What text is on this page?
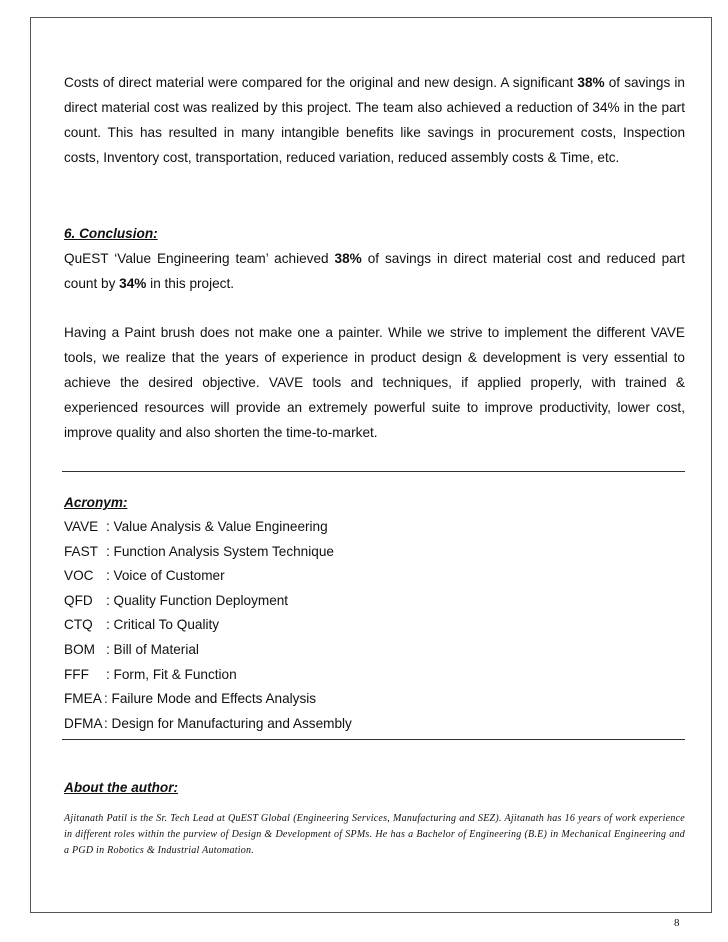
Costs of direct material were compared for the original and new design. A significant 38% of savings in direct material cost was realized by this project. The team also achieved a reduction of 34% in the part count. This has resulted in many intangible benefits like savings in procurement costs, Inspection costs, Inventory cost, transportation, reduced variation, reduced assembly costs & Time, etc.

6. Conclusion:

QuEST ‘Value Engineering team’ achieved 38% of savings in direct material cost and reduced part count by 34% in this project.

Having a Paint brush does not make one a painter. While we strive to implement the different VAVE tools, we realize that the years of experience in product design & development is very essential to achieve the desired objective. VAVE tools and techniques, if applied properly, with trained & experienced resources will provide an extremely powerful suite to improve productivity, lower cost, improve quality and also shorten the time-to-market.

Acronym:

VAVE : Value Analysis & Value Engineering
FAST : Function Analysis System Technique
VOC : Voice of Customer
QFD : Quality Function Deployment
CTQ : Critical To Quality
BOM : Bill of Material
FFF : Form, Fit & Function
FMEA : Failure Mode and Effects Analysis
DFMA: Design for Manufacturing and Assembly

About the author:

Ajitanath Patil is the Sr. Tech Lead at QuEST Global (Engineering Services, Manufacturing and SEZ). Ajitanath has 16 years of work experience in different roles within the purview of Design & Development of SPMs. He has a Bachelor of Engineering (B.E) in Mechanical Engineering and a PGD in Robotics & Industrial Automation.

8
